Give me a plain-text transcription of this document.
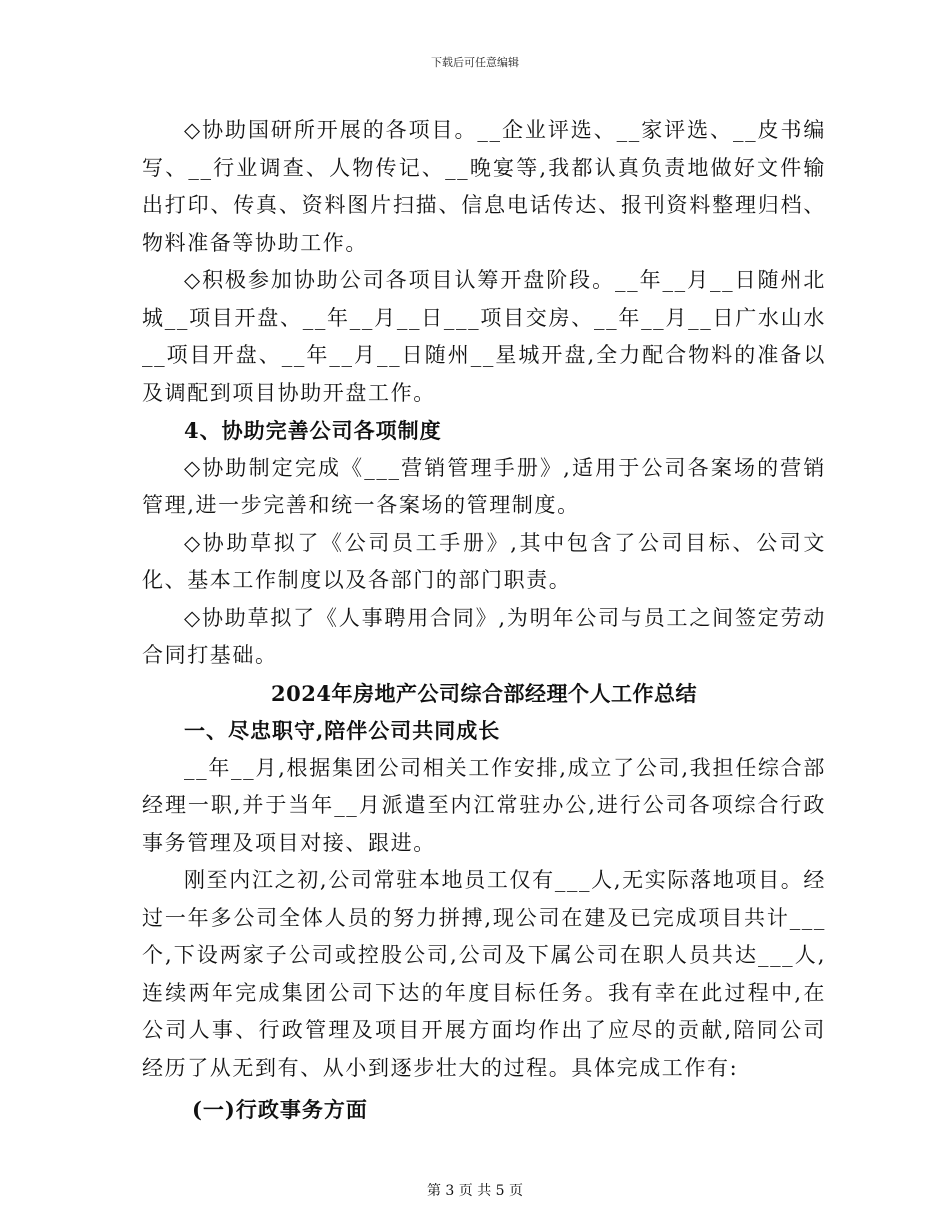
下载后可任意编辑

◇协助国研所开展的各项目。__企业评选、__家评选、__皮书编写、__行业调查、人物传记、__晚宴等,我都认真负责地做好文件输出打印、传真、资料图片扫描、信息电话传达、报刊资料整理归档、物料准备等协助工作。

◇积极参加协助公司各项目认筹开盘阶段。__年__月__日随州北城__项目开盘、__年__月__日___项目交房、__年__月__日广水山水__项目开盘、__年__月__日随州__星城开盘,全力配合物料的准备以及调配到项目协助开盘工作。

4、协助完善公司各项制度

◇协助制定完成《___营销管理手册》,适用于公司各案场的营销管理,进一步完善和统一各案场的管理制度。

◇协助草拟了《公司员工手册》,其中包含了公司目标、公司文化、基本工作制度以及各部门的部门职责。

◇协助草拟了《人事聘用合同》,为明年公司与员工之间签定劳动合同打基础。

2024年房地产公司综合部经理个人工作总结

一、尽忠职守,陪伴公司共同成长

__年__月,根据集团公司相关工作安排,成立了公司,我担任综合部经理一职,并于当年__月派遣至内江常驻办公,进行公司各项综合行政事务管理及项目对接、跟进。

刚至内江之初,公司常驻本地员工仅有___人,无实际落地项目。经过一年多公司全体人员的努力拼搏,现公司在建及已完成项目共计___个,下设两家子公司或控股公司,公司及下属公司在职人员共达___人,连续两年完成集团公司下达的年度目标任务。我有幸在此过程中,在公司人事、行政管理及项目开展方面均作出了应尽的贡献,陪同公司经历了从无到有、从小到逐步壮大的过程。具体完成工作有:

(一)行政事务方面

第 3 页 共 5 页
